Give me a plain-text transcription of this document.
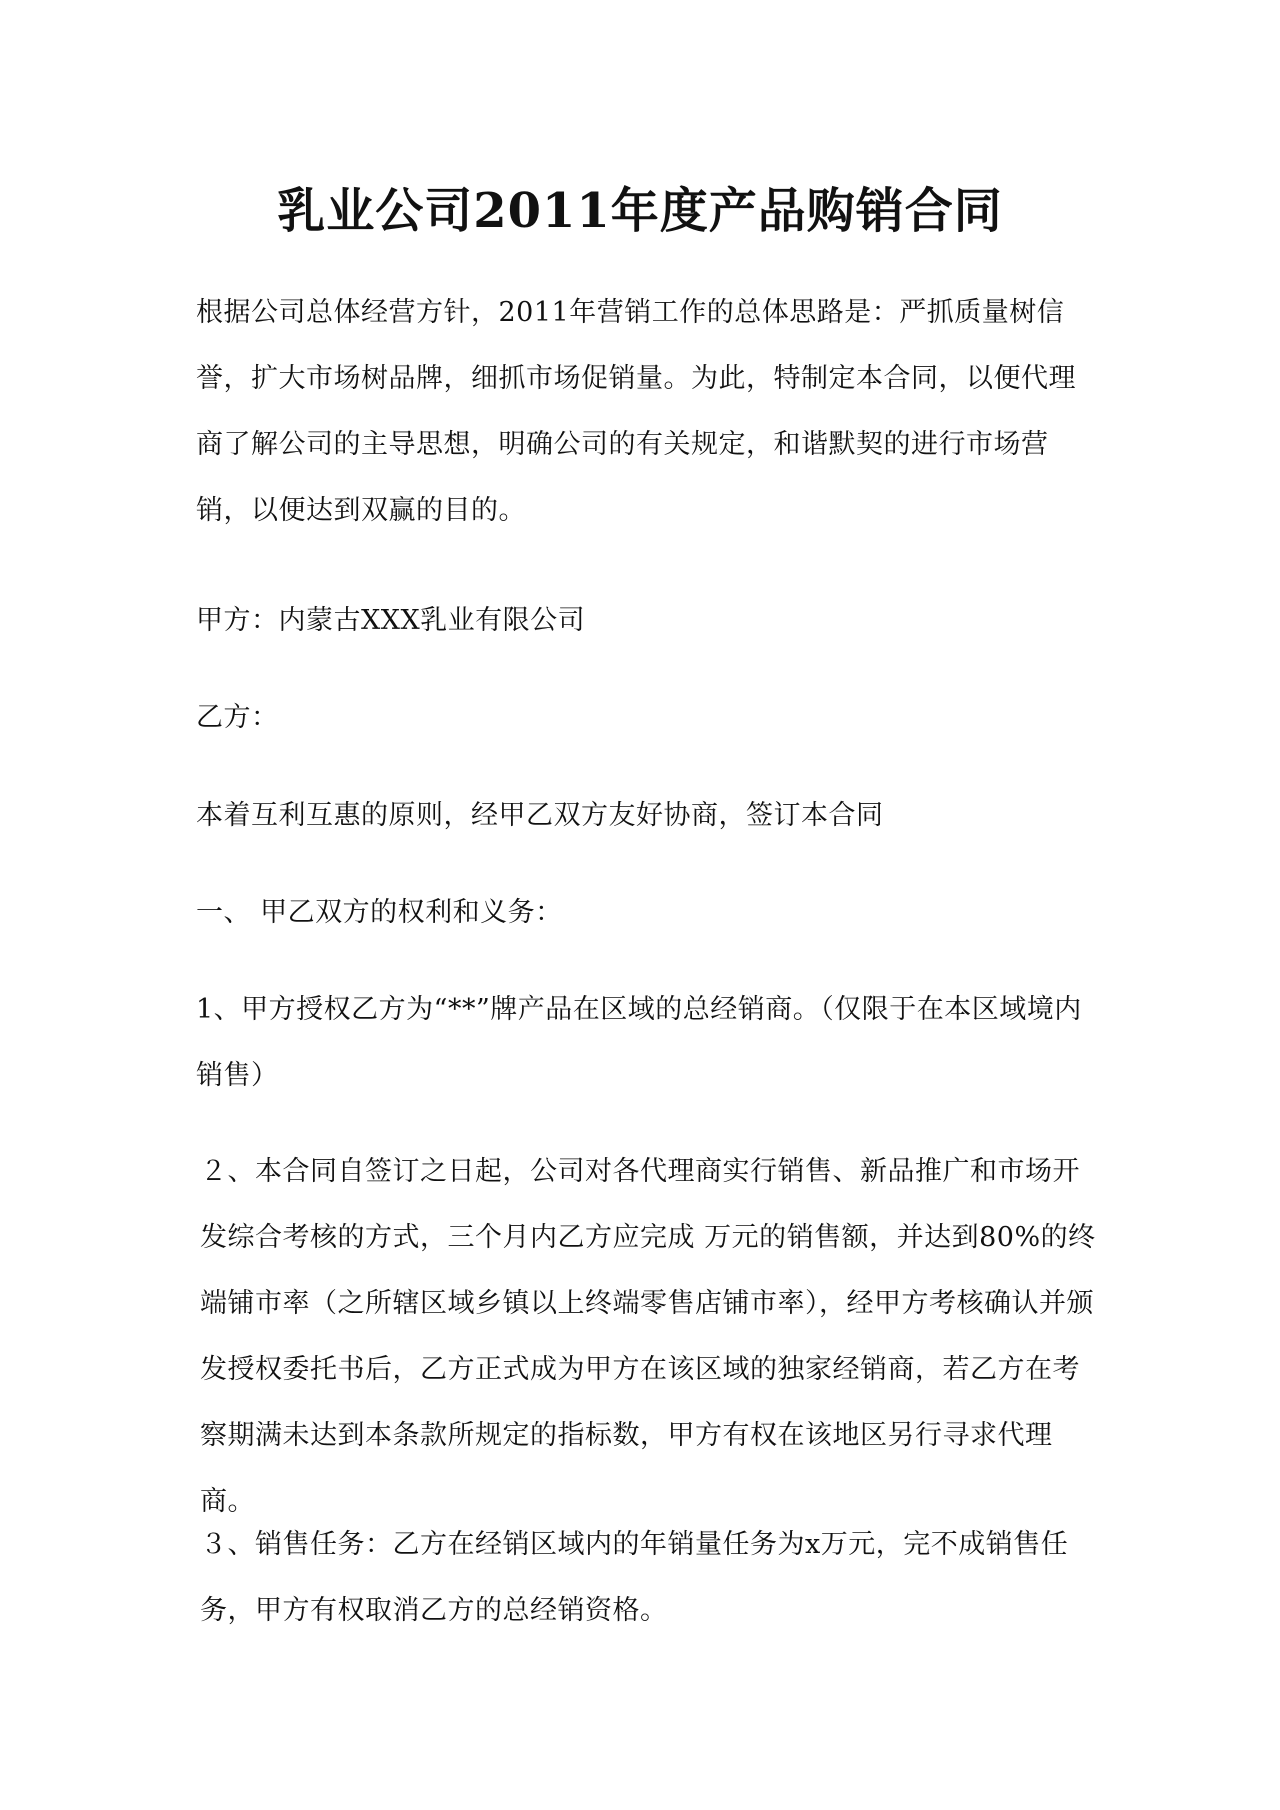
乳业公司2011年度产品购销合同

根据公司总体经营方针，2011年营销工作的总体思路是：严抓质量树信誉，扩大市场树品牌，细抓市场促销量。为此，特制定本合同，以便代理商了解公司的主导思想，明确公司的有关规定，和谐默契的进行市场营销，以便达到双赢的目的。

甲方：内蒙古XXX乳业有限公司

乙方：

本着互利互惠的原则，经甲乙双方友好协商，签订本合同

一、 甲乙双方的权利和义务：

1、甲方授权乙方为“**”牌产品在区域的总经销商。（仅限于在本区域境内销售）

２、本合同自签订之日起，公司对各代理商实行销售、新品推广和市场开发综合考核的方式，三个月内乙方应完成 万元的销售额，并达到80%的终端铺市率（之所辖区域乡镇以上终端零售店铺市率），经甲方考核确认并颁发授权委托书后，乙方正式成为甲方在该区域的独家经销商，若乙方在考察期满未达到本条款所规定的指标数，甲方有权在该地区另行寻求代理商。

３、销售任务：乙方在经销区域内的年销量任务为x万元，完不成销售任务，甲方有权取消乙方的总经销资格。
